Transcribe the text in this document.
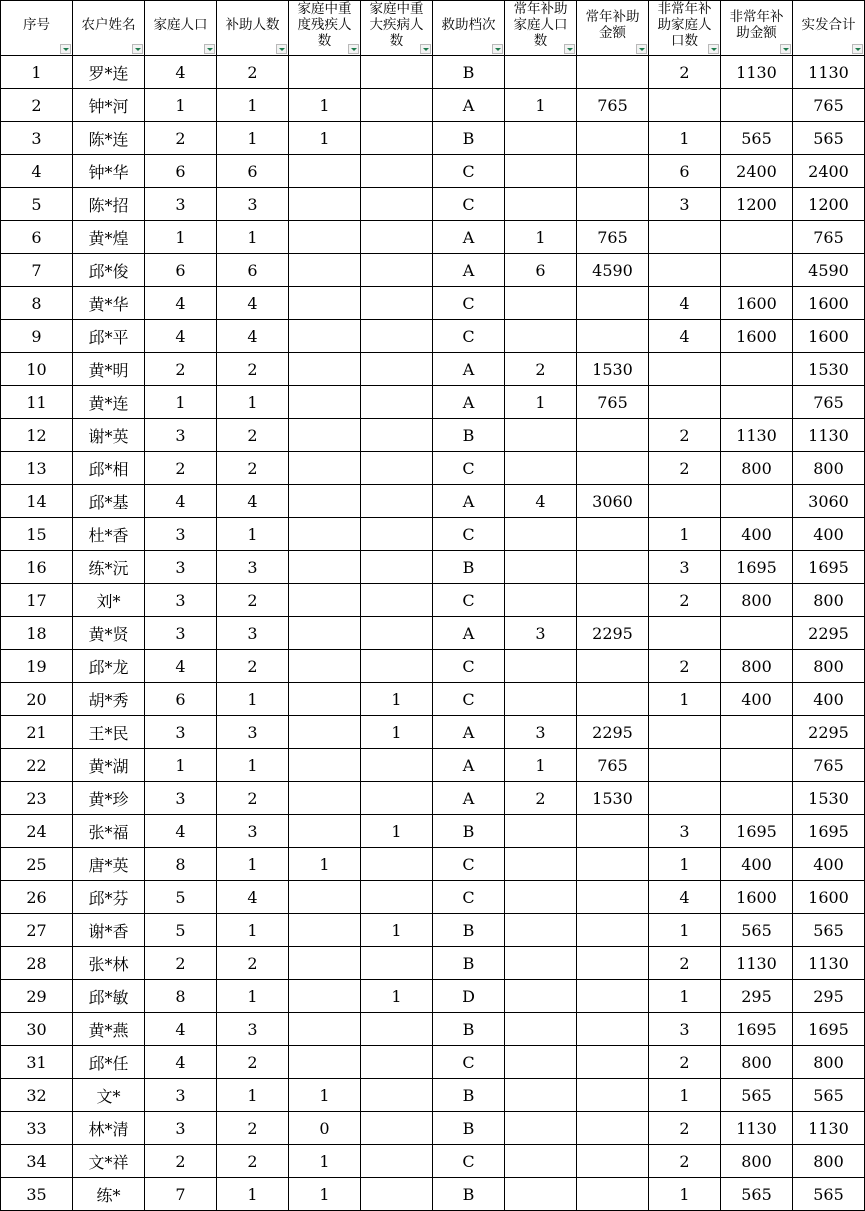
序号	农户姓名	家庭人口	补助人数	家庭中重度残疾人数	家庭中重大疾病人数	救助档次	常年补助家庭人口数	常年补助金额	非常年补助家庭人口数	非常年补助金额	实发合计

1	罗*连	4	2			B			2	1130	1130
2	钟*河	1	1	1		A	1	765			765
3	陈*连	2	1	1		B			1	565	565
4	钟*华	6	6			C			6	2400	2400
5	陈*招	3	3			C			3	1200	1200
6	黄*煌	1	1			A	1	765			765
7	邱*俊	6	6			A	6	4590			4590
8	黄*华	4	4			C			4	1600	1600
9	邱*平	4	4			C			4	1600	1600
10	黄*明	2	2			A	2	1530			1530
11	黄*连	1	1			A	1	765			765
12	谢*英	3	2			B			2	1130	1130
13	邱*相	2	2			C			2	800	800
14	邱*基	4	4			A	4	3060			3060
15	杜*香	3	1			C			1	400	400
16	练*沅	3	3			B			3	1695	1695
17	刘*	3	2			C			2	800	800
18	黄*贤	3	3			A	3	2295			2295
19	邱*龙	4	2			C			2	800	800
20	胡*秀	6	1		1	C			1	400	400
21	王*民	3	3		1	A	3	2295			2295
22	黄*湖	1	1			A	1	765			765
23	黄*珍	3	2			A	2	1530			1530
24	张*福	4	3		1	B			3	1695	1695
25	唐*英	8	1	1		C			1	400	400
26	邱*芬	5	4			C			4	1600	1600
27	谢*香	5	1		1	B			1	565	565
28	张*林	2	2			B			2	1130	1130
29	邱*敏	8	1		1	D			1	295	295
30	黄*燕	4	3			B			3	1695	1695
31	邱*任	4	2			C			2	800	800
32	文*	3	1	1		B			1	565	565
33	林*清	3	2	0		B			2	1130	1130
34	文*祥	2	2	1		C			2	800	800
35	练*	7	1	1		B			1	565	565
